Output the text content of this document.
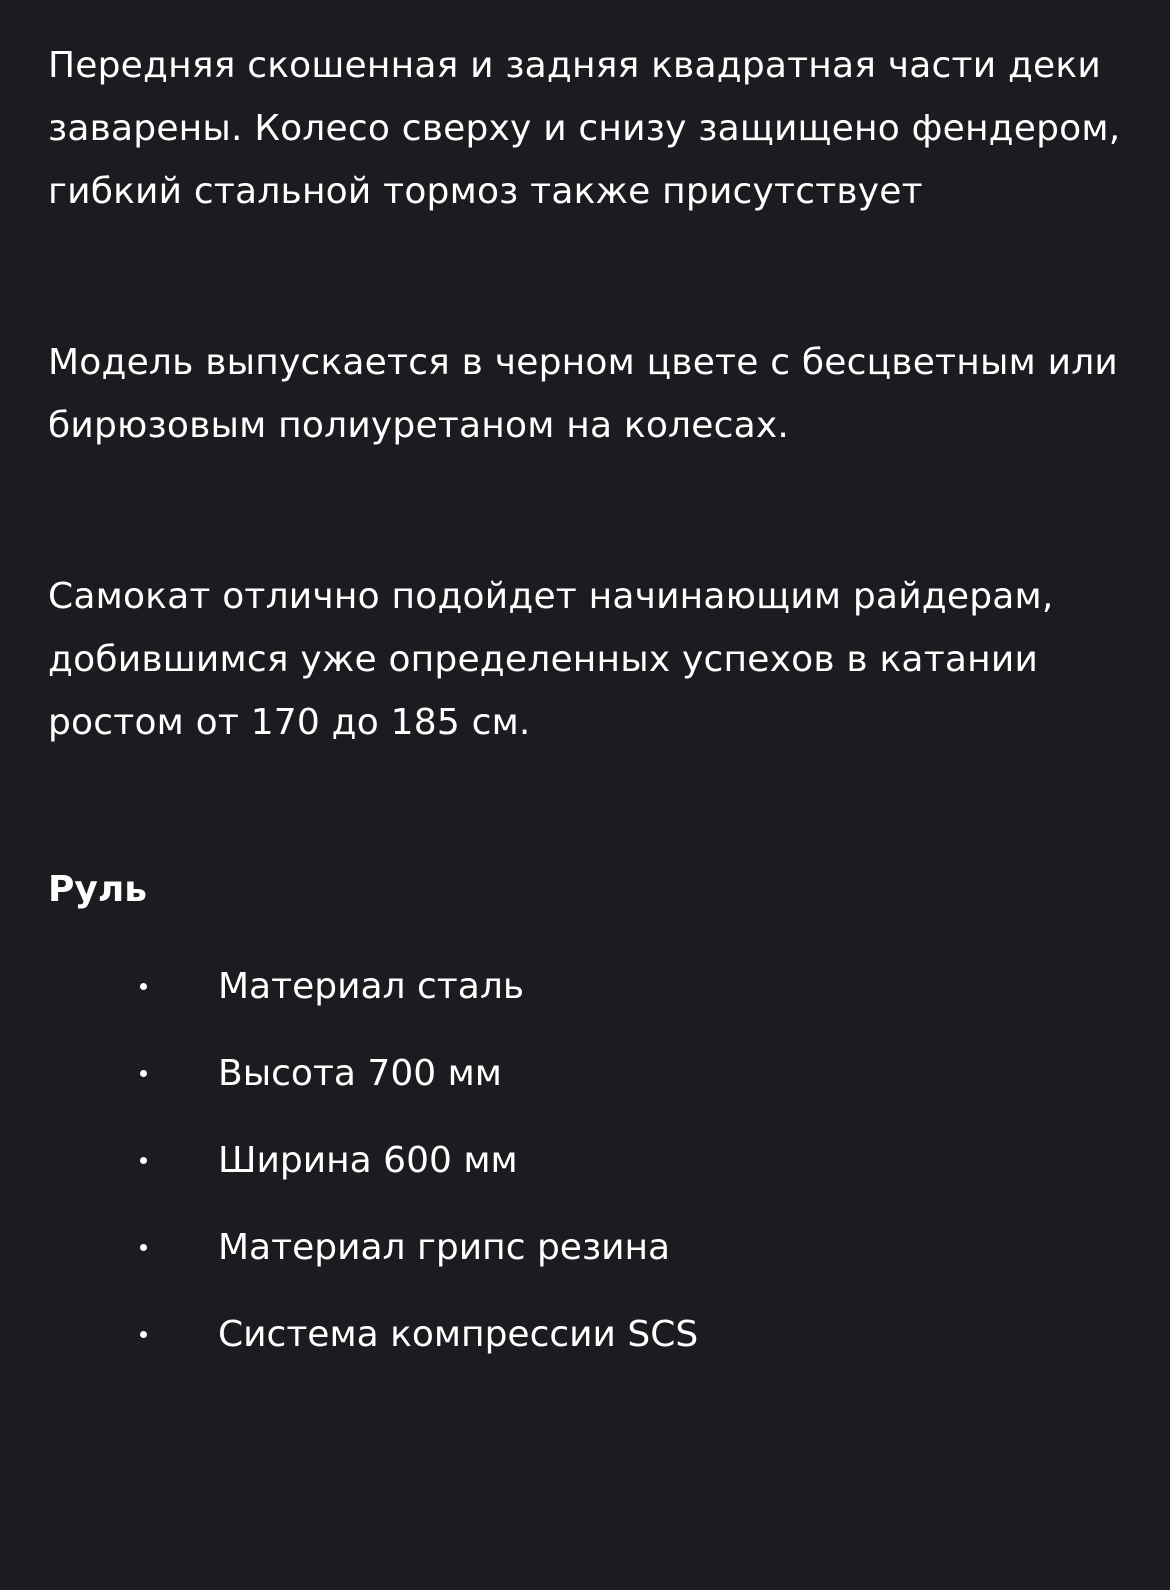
Передняя скошенная и задняя квадратная части деки заварены. Колесо сверху и снизу защищено фендером, гибкий стальной тормоз также присутствует

Модель выпускается в черном цвете с бесцветным или бирюзовым полиуретаном на колесах.

Самокат отлично подойдет начинающим райдерам, добившимся уже определенных успехов в катании ростом от 170 до 185 см.

Руль
Материал сталь
Высота 700 мм
Ширина 600 мм
Материал грипс резина
Система компрессии SCS
